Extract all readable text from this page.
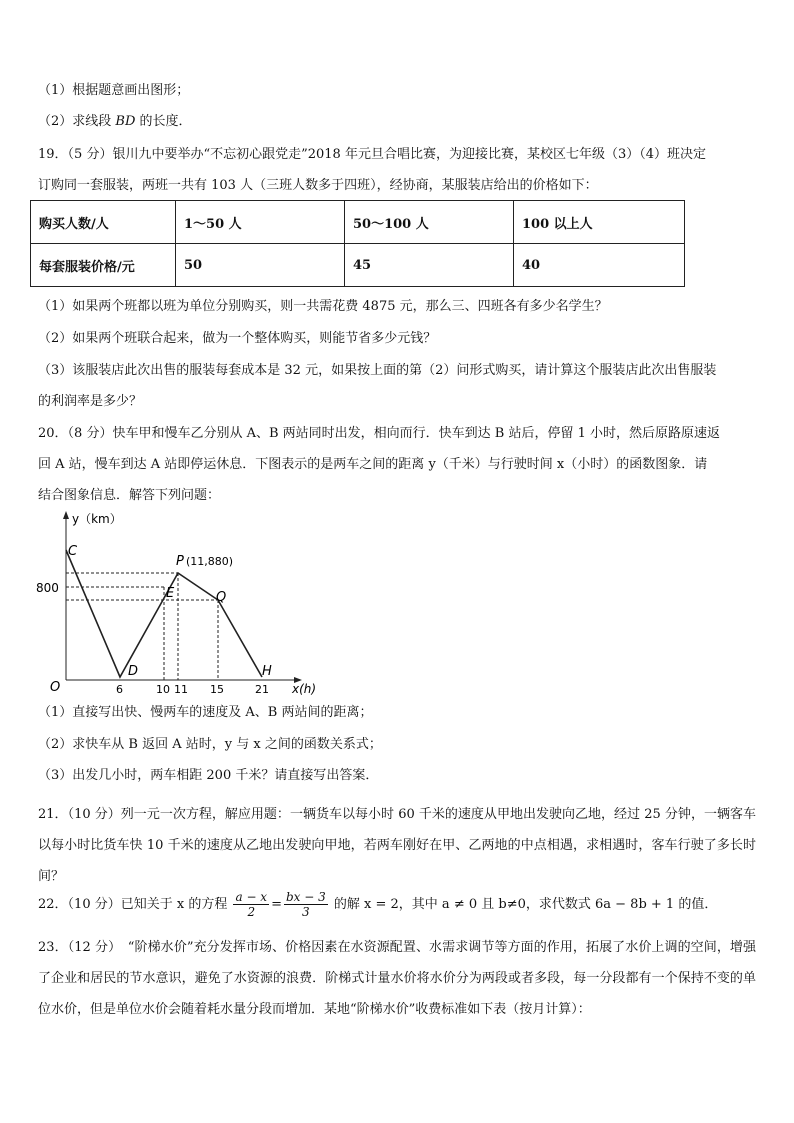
（1）根据题意画出图形；
（2）求线段 BD 的长度．
19．（5 分）银川九中要举办“不忘初心跟党走”2018 年元旦合唱比赛，为迎接比赛，某校区七年级（3）（4）班决定
订购同一套服装，两班一共有 103 人（三班人数多于四班），经协商，某服装店给出的价格如下：
购买人数/人	1～50 人	50～100 人	100 以上人
每套服装价格/元	50	45	40
（1）如果两个班都以班为单位分别购买，则一共需花费 4875 元，那么三、四班各有多少名学生？
（2）如果两个班联合起来，做为一个整体购买，则能节省多少元钱？
（3）该服装店此次出售的服装每套成本是 32 元，如果按上面的第（2）问形式购买，请计算这个服装店此次出售服装
的利润率是多少？
20．（8 分）快车甲和慢车乙分别从 A、B 两站同时出发，相向而行．快车到达 B 站后，停留 1 小时，然后原路原速返
回 A 站，慢车到达 A 站即停运休息．下图表示的是两车之间的距离 y（千米）与行驶时间 x（小时）的函数图象．请
结合图象信息．解答下列问题：
y（km）
O
800
C
D
E
P (11,880)
Q
H
6	10 11 15	21 x(h)
（1）直接写出快、慢两车的速度及 A、B 两站间的距离；
（2）求快车从 B 返回 A 站时，y 与 x 之间的函数关系式；
（3）出发几小时，两车相距 200 千米？请直接写出答案．
21．（10 分）列一元一次方程，解应用题：一辆货车以每小时 60 千米的速度从甲地出发驶向乙地，经过 25 分钟，一辆客车以每小时比货车快 10 千米的速度从乙地出发驶向甲地，若两车刚好在甲、乙两地的中点相遇，求相遇时，客车行驶了多长时间？
22．（10 分）已知关于 x 的方程 $\frac{a - x}{2} = \frac{bx - 3}{3}$ 的解 x = 2，其中 a ≠ 0 且 b≠0，求代数式 6a − 8b + 1 的值．
23．（12 分）　“阶梯水价”充分发挥市场、价格因素在水资源配置、水需求调节等方面的作用，拓展了水价上调的空间，增强了企业和居民的节水意识，避免了水资源的浪费．阶梯式计量水价将水价分为两段或者多段，每一分段都有一个保持不变的单位水价，但是单位水价会随着耗水量分段而增加．某地“阶梯水价”收费标准如下表（按月计算）：
